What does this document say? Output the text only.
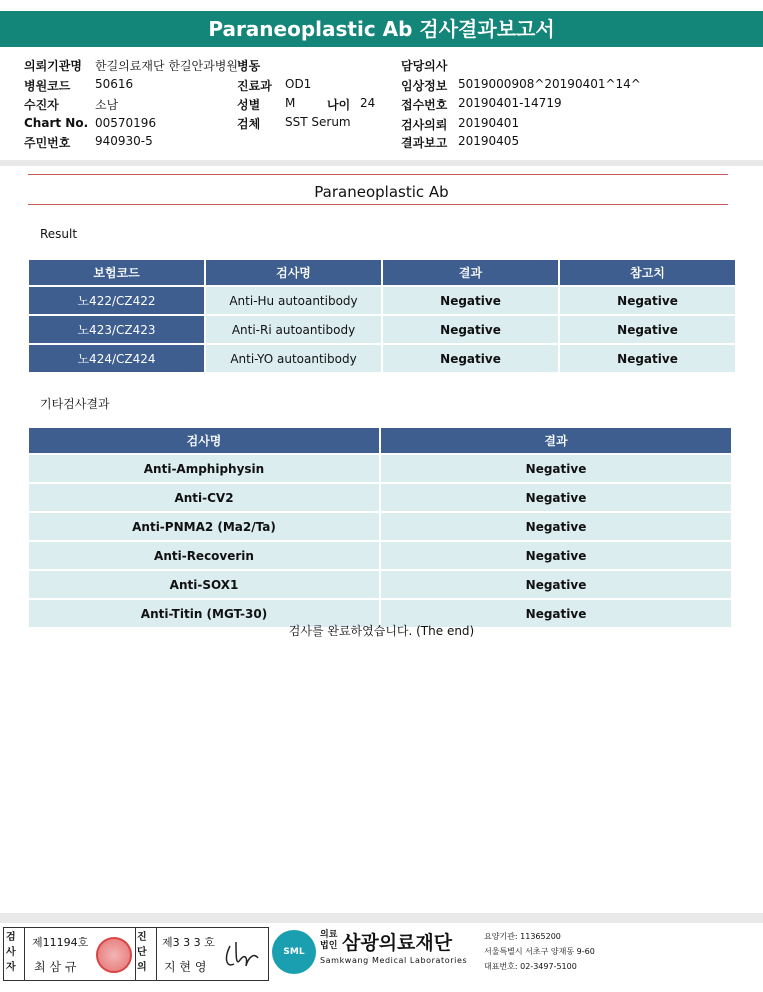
Paraneoplastic Ab 검사결과보고서
의뢰기관명 한길의료재단 한길안과병원 병동
병원코드 50616	진료과 OD1
수진자	소남	성별 M	나이 24
Chart No. 00570196	검체 SST Serum
주민번호 940930-5
담당의사
임상정보 5019000908^20190401^14^
접수번호 20190401-14719
검사의뢰 20190401
결과보고 20190405
Paraneoplastic Ab
Result
보험코드	검사명	결과	참고치
노422/CZ422	Anti-Hu autoantibody	Negative	Negative
노423/CZ423	Anti-Ri autoantibody	Negative	Negative
노424/CZ424	Anti-YO autoantibody	Negative	Negative
기타검사결과
검사명	결과
Anti-Amphiphysin	Negative
Anti-CV2	Negative
Anti-PNMA2 (Ma2/Ta)	Negative
Anti-Recoverin	Negative
Anti-SOX1	Negative
Anti-Titin (MGT-30)	Negative
검사를 완료하였습니다. (The end)
검사자
제11194호
최 삼 규
진단의
제3 3 3 호
지 현 영
SML
의료법인 삼광의료재단
Samkwang Medical Laboratories
요양기관: 11365200
서울특별시 서초구 양재동 9-60
대표번호: 02-3497-5100
